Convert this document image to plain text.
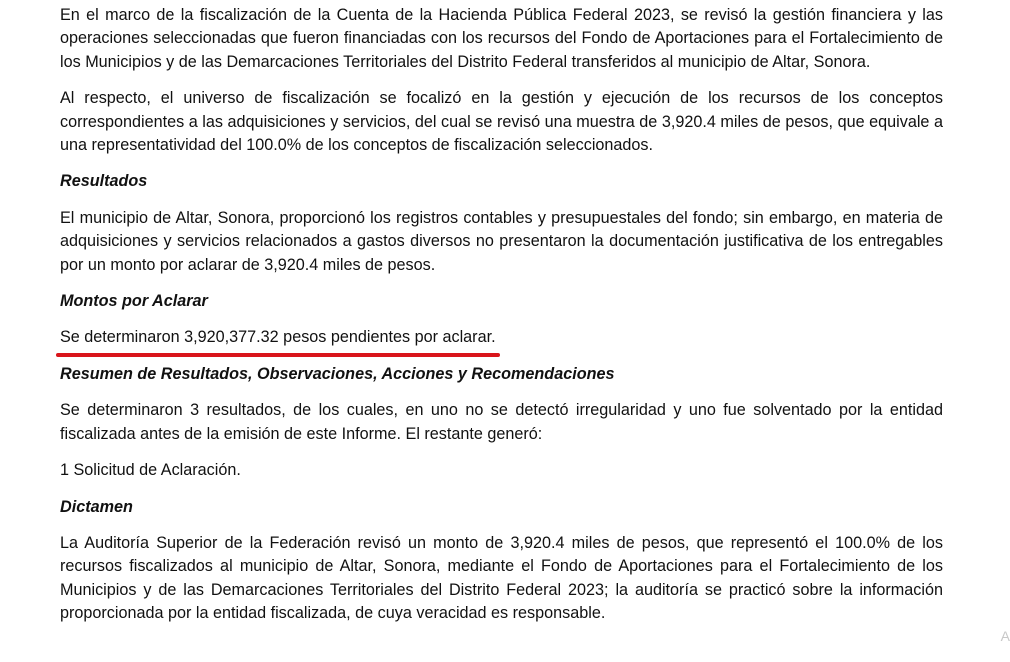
En el marco de la fiscalización de la Cuenta de la Hacienda Pública Federal 2023, se revisó la gestión financiera y las operaciones seleccionadas que fueron financiadas con los recursos del Fondo de Aportaciones para el Fortalecimiento de los Municipios y de las Demarcaciones Territoriales del Distrito Federal transferidos al municipio de Altar, Sonora.

Al respecto, el universo de fiscalización se focalizó en la gestión y ejecución de los recursos de los conceptos correspondientes a las adquisiciones y servicios, del cual se revisó una muestra de 3,920.4 miles de pesos, que equivale a una representatividad del 100.0% de los conceptos de fiscalización seleccionados.

Resultados

El municipio de Altar, Sonora, proporcionó los registros contables y presupuestales del fondo; sin embargo, en materia de adquisiciones y servicios relacionados a gastos diversos no presentaron la documentación justificativa de los entregables por un monto por aclarar de 3,920.4 miles de pesos.

Montos por Aclarar

Se determinaron 3,920,377.32 pesos pendientes por aclarar.

Resumen de Resultados, Observaciones, Acciones y Recomendaciones

Se determinaron 3 resultados, de los cuales, en uno no se detectó irregularidad y uno fue solventado por la entidad fiscalizada antes de la emisión de este Informe. El restante generó:

1 Solicitud de Aclaración.

Dictamen

La Auditoría Superior de la Federación revisó un monto de 3,920.4 miles de pesos, que representó el 100.0% de los recursos fiscalizados al municipio de Altar, Sonora, mediante el Fondo de Aportaciones para el Fortalecimiento de los Municipios y de las Demarcaciones Territoriales del Distrito Federal 2023; la auditoría se practicó sobre la información proporcionada por la entidad fiscalizada, de cuya veracidad es responsable.

A
